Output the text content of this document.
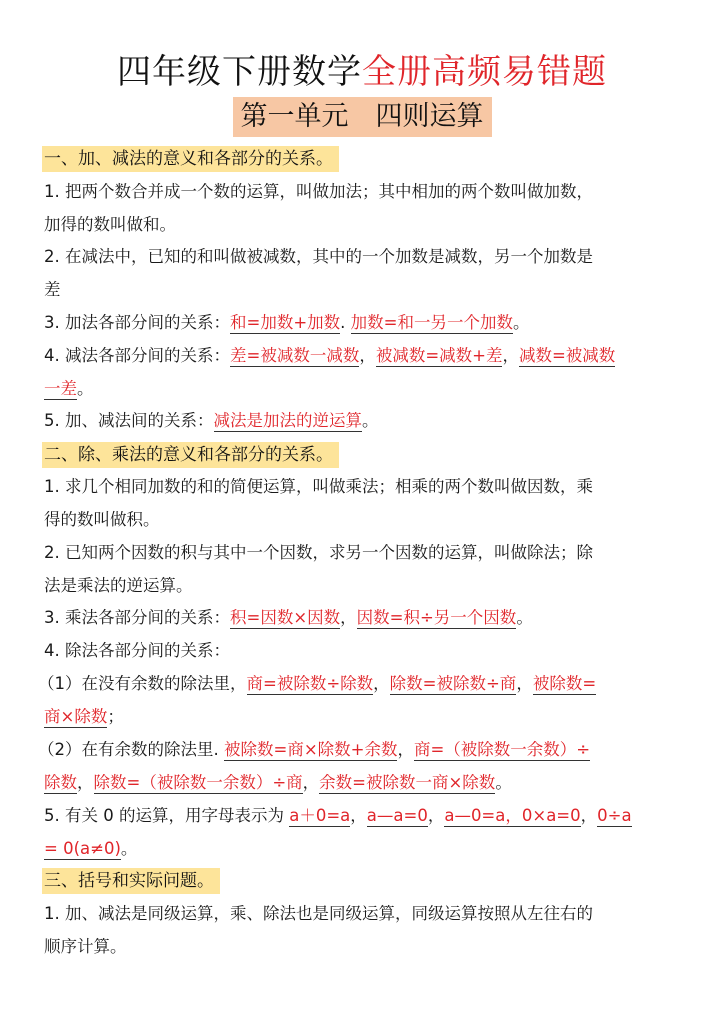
四年级下册数学全册高频易错题
第一单元　四则运算
一、加、减法的意义和各部分的关系。
1. 把两个数合并成一个数的运算，叫做加法；其中相加的两个数叫做加数，
加得的数叫做和。
2. 在减法中，已知的和叫做被减数，其中的一个加数是减数，另一个加数是
差
3. 加法各部分间的关系：和=加数+加数. 加数=和一另一个加数。
4. 减法各部分间的关系：差=被减数一减数，被减数=减数+差，减数=被减数
一差。
5. 加、减法间的关系：减法是加法的逆运算。
二、除、乘法的意义和各部分的关系。
1. 求几个相同加数的和的简便运算，叫做乘法；相乘的两个数叫做因数，乘
得的数叫做积。
2. 已知两个因数的积与其中一个因数，求另一个因数的运算，叫做除法；除
法是乘法的逆运算。
3. 乘法各部分间的关系：积=因数×因数，因数=积÷另一个因数。
4. 除法各部分间的关系：
（1）在没有余数的除法里，商=被除数÷除数，除数=被除数÷商，被除数=
商×除数；
（2）在有余数的除法里. 被除数=商×除数+余数，商=（被除数一余数）÷
除数，除数=（被除数一余数）÷商，余数=被除数一商×除数。
5. 有关 0 的运算，用字母表示为 a＋0=a，a—a=0，a—0=a，0×a=0，0÷a
= 0(a≠0)。
三、括号和实际问题。
1. 加、减法是同级运算，乘、除法也是同级运算，同级运算按照从左往右的
顺序计算。
